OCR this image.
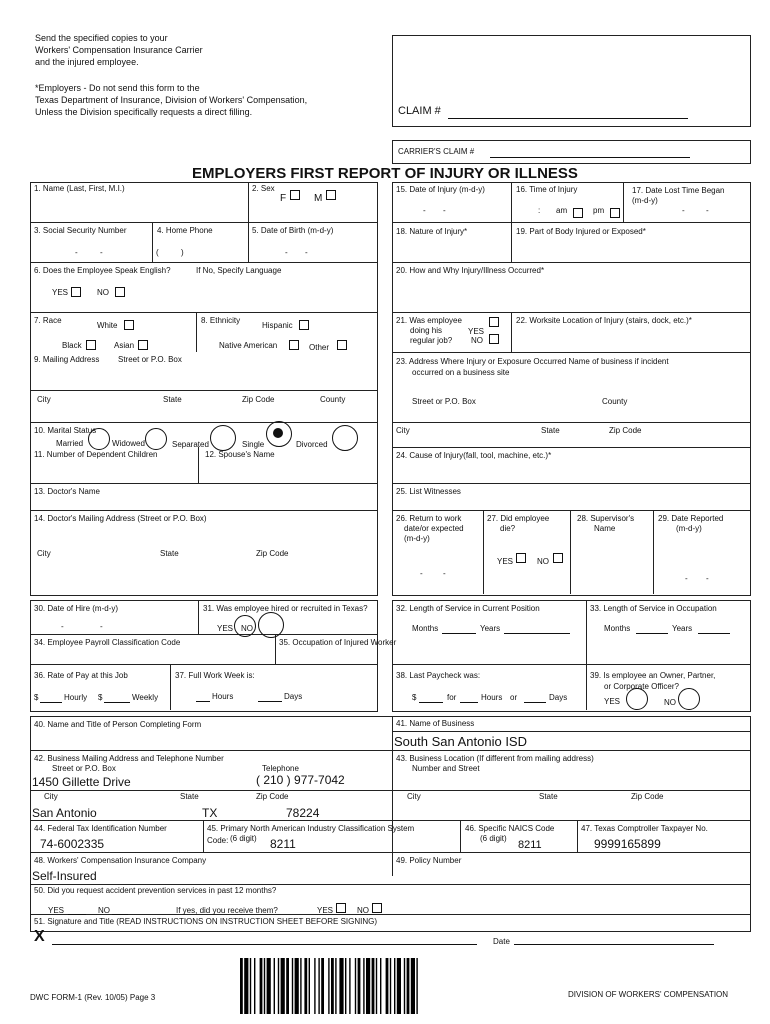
Send the specified copies to your
Workers' Compensation Insurance Carrier
and the injured employee.
*Employers - Do not send this form to the
Texas Department of Insurance, Division of Workers' Compensation,
Unless the Division specifically requests a direct filling.	CLAIM #
CARRIER'S CLAIM #
EMPLOYERS FIRST REPORT OF INJURY OR ILLNESS
1. Name (Last, First, M.I.)	2. Sex
F	M
3. Social Security Number	4. Home Phone	5. Date of Birth (m-d-y)
-	-	(	)	- -
6. Does the Employee Speak English?	If No, Specify Language
YES	NO
7. Race
White
Black	Asian
8. Ethnicity
Hispanic
Native American	Other
9. Mailing Address Street or P.O. Box
City	State	Zip Code	County
10. Marital Status
Married	Widowed	Separated	Single	Divorced
11. Number of Dependent Children	12. Spouse's Name
13. Doctor's Name
14. Doctor's Mailing Address (Street or P.O. Box)
City	State	Zip Code
15. Date of Injury (m-d-y)	16. Time of Injury	17. Date Lost Time Began
(m-d-y)
- -	: am	pm	-	-
18. Nature of Injury*	19. Part of Body Injured or Exposed*
20. How and Why Injury/Illness Occurred*
21. Was employee
doing his
regular job?
YES
NO
22. Worksite Location of Injury (stairs, dock, etc.)*
23. Address Where Injury or Exposure Occurred Name of business if incident
occurred on a business site
Street or P.O. Box	County
City	State	Zip Code
24. Cause of Injury(fall, tool, machine, etc.)*
25. List Witnesses
26. Return to work
date/or expected
(m-d-y)
27. Did employee
die?
YES	NO
28. Supervisor's
Name
29. Date Reported
(m-d-y)
-	-
- -
30. Date of Hire (m-d-y)
-	-
31. Was employee hired or recruited in Texas?
YES NO
32. Length of Service in Current Position
Months	Years
33. Length of Service in Occupation
Months	Years
34. Employee Payroll Classification Code	35. Occupation of Injured Worker
36. Rate of Pay at this Job
$	Hourly $	Weekly
37. Full Work Week is:
Hours	Days
38. Last Paycheck was:
$	for	Hours or	Days
39. Is employee an Owner, Partner,
or Corporate Officer?
YES	NO
40. Name and Title of Person Completing Form	41. Name of Business
South San Antonio ISD
42. Business Mailing Address and Telephone Number
Street or P.O. Box	Telephone
1450 Gillette Drive	( 210 ) 977-7042
City	State	Zip Code
San Antonio	TX	78224
43. Business Location (If different from mailing address)
Number and Street
City	State	Zip Code
44. Federal Tax Identification Number
74-6002335
45. Primary North American Industry Classification System
Code: (6 digit) 8211
46. Specific NAICS Code
(6 digit)
8211
47. Texas Comptroller Taxpayer No.
9999165899
48. Workers' Compensation Insurance Company
Self-Insured
49. Policy Number
50. Did you request accident prevention services in past 12 months?
YES	NO	If yes, did you receive them?	YES	NO
51. Signature and Title (READ INSTRUCTIONS ON INSTRUCTION SHEET BEFORE SIGNING)
X	Date
DWC FORM-1 (Rev. 10/05) Page 3	DIVISION OF WORKERS' COMPENSATION
